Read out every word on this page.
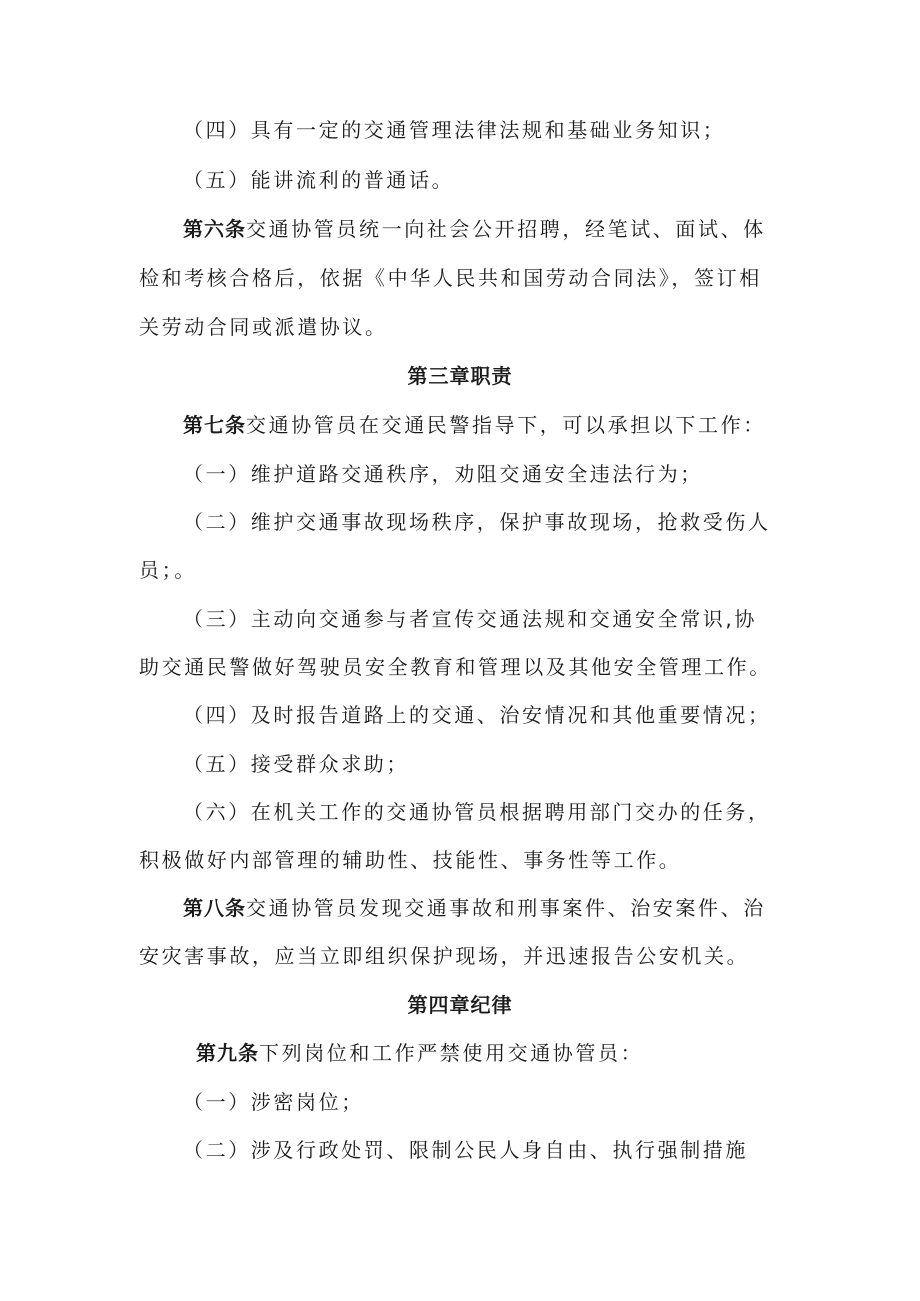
（四）具有一定的交通管理法律法规和基础业务知识；
（五）能讲流利的普通话。
第六条交通协管员统一向社会公开招聘，经笔试、面试、体
检和考核合格后，依据《中华人民共和国劳动合同法》，签订相
关劳动合同或派遣协议。
第三章职责
第七条交通协管员在交通民警指导下，可以承担以下工作：
（一）维护道路交通秩序，劝阻交通安全违法行为；
（二）维护交通事故现场秩序，保护事故现场，抢救受伤人
员；。
（三）主动向交通参与者宣传交通法规和交通安全常识,协
助交通民警做好驾驶员安全教育和管理以及其他安全管理工作。
（四）及时报告道路上的交通、治安情况和其他重要情况；
（五）接受群众求助；
（六）在机关工作的交通协管员根据聘用部门交办的任务，
积极做好内部管理的辅助性、技能性、事务性等工作。
第八条交通协管员发现交通事故和刑事案件、治安案件、治
安灾害事故，应当立即组织保护现场，并迅速报告公安机关。
第四章纪律
第九条下列岗位和工作严禁使用交通协管员：
（一）涉密岗位；
（二）涉及行政处罚、限制公民人身自由、执行强制措施
